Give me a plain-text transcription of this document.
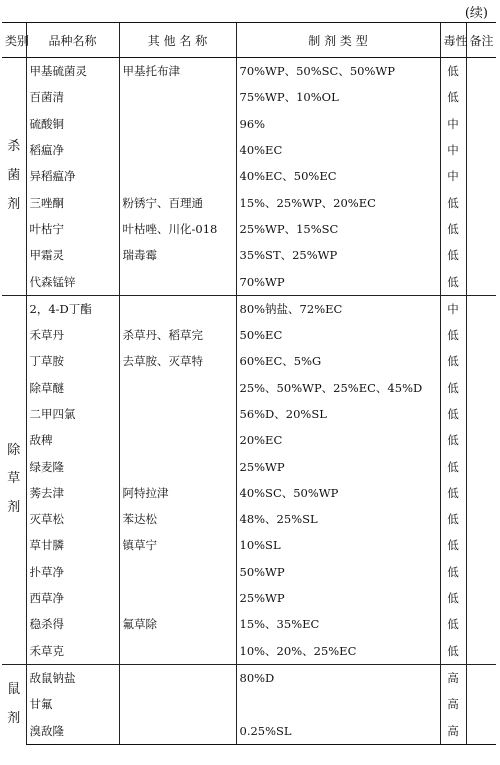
(续)
类别	品种名称	其 他 名 称	制 剂 类 型	毒性	备注

杀
菌
剂	甲基硫菌灵	甲基托布津	70%WP、50%SC、50%WP	低	
	百菌清		75%WP、10%OL	低	
	硫酸铜		96%	中	
	稻瘟净		40%EC	中	
	异稻瘟净		40%EC、50%EC	中	
	三唑酮	粉锈宁、百理通	15%、25%WP、20%EC	低	
	叶枯宁	叶枯唑、川化-018	25%WP、15%SC	低	
	甲霜灵	瑞毒霉	35%ST、25%WP	低	
	代森锰锌		70%WP	低	

除
草
剂	2，4-D丁酯		80%钠盐、72%EC	中	
	禾草丹	杀草丹、稻草完	50%EC	低	
	丁草胺	去草胺、灭草特	60%EC、5%G	低	
	除草醚		25%、50%WP、25%EC、45%D	低	
	二甲四氯		56%D、20%SL	低	
	敌稗		20%EC	低	
	绿麦隆		25%WP	低	
	莠去津	阿特拉津	40%SC、50%WP	低	
	灭草松	苯达松	48%、25%SL	低	
	草甘膦	镇草宁	10%SL	低	
	扑草净		50%WP	低	
	西草净		25%WP	低	
	稳杀得	氟草除	15%、35%EC	低	
	禾草克		10%、20%、25%EC	低	

鼠
剂	敌鼠钠盐		80%D	高	
	甘氟			高	
	溴敌隆		0.25%SL	高	
